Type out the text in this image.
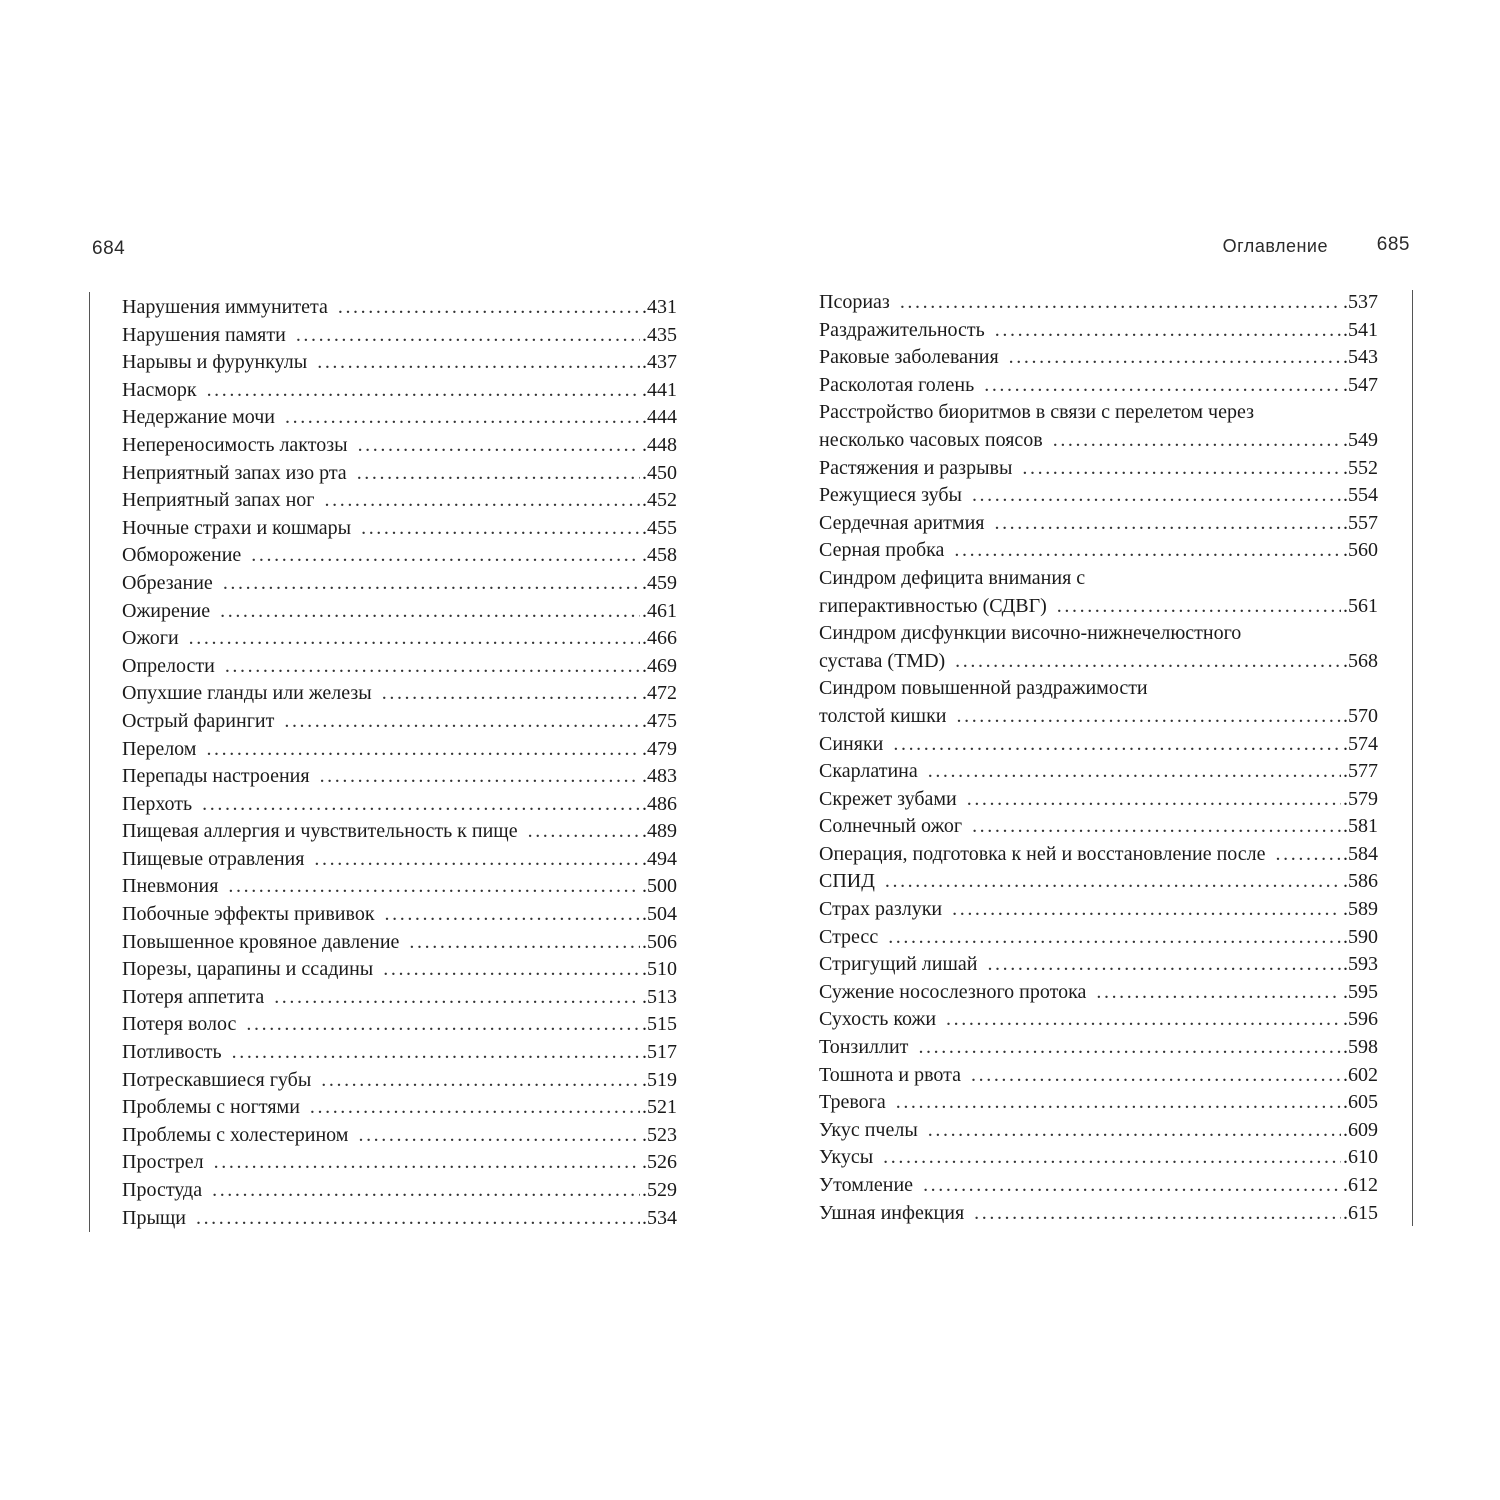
684
Нарушения иммунитета . . .	.431
Нарушения памяти . . .	.435
Нарывы и фурункулы . . .	.437
Насморк . . .	.441
Недержание мочи . . .	.444
Непереносимость лактозы . . .	.448
Неприятный запах изо рта . . .	.450
Неприятный запах ног . . .	.452
Ночные страхи и кошмары . . .	.455
Обморожение . . .	.458
Обрезание . . .	.459
Ожирение . . .	.461
Ожоги . . .	.466
Опрелости . . .	.469
Опухшие гланды или железы . . .	.472
Острый фарингит . . .	.475
Перелом . . .	.479
Перепады настроения . . .	.483
Перхоть . . .	.486
Пищевая аллергия и чувствительность к пище . . .	.489
Пищевые отравления . . .	.494
Пневмония . . .	.500
Побочные эффекты прививок . . .	.504
Повышенное кровяное давление . . .	.506
Порезы, царапины и ссадины . . .	.510
Потеря аппетита . . .	.513
Потеря волос . . .	.515
Потливость . . .	.517
Потрескавшиеся губы . . .	.519
Проблемы с ногтями . . .	.521
Проблемы с холестерином . . .	.523
Прострел . . .	.526
Простуда . . .	.529
Прыщи . . .	.534
Оглавление	685
Псориаз . . .	.537
Раздражительность . . .	.541
Раковые заболевания . . .	.543
Расколотая голень . . .	.547
Расстройство биоритмов в связи с перелетом через
несколько часовых поясов . . .	.549
Растяжения и разрывы . . .	.552
Режущиеся зубы . . .	.554
Сердечная аритмия . . .	.557
Серная пробка . . .	.560
Синдром дефицита внимания с
гиперактивностью (СДВГ) . . .	.561
Синдром дисфункции височно-нижнечелюстного
сустава (TMD) . . .	.568
Синдром повышенной раздражимости
толстой кишки . . .	.570
Синяки . . .	.574
Скарлатина . . .	.577
Скрежет зубами . . .	.579
Солнечный ожог . . .	.581
Операция, подготовка к ней и восстановление после . . .	.584
СПИД . . .	.586
Страх разлуки . . .	.589
Стресс . . .	.590
Стригущий лишай . . .	.593
Сужение носослезного протока . . .	.595
Сухость кожи . . .	.596
Тонзиллит . . .	.598
Тошнота и рвота . . .	.602
Тревога . . .	.605
Укус пчелы . . .	.609
Укусы . . .	.610
Утомление . . .	.612
Ушная инфекция . . .	.615
